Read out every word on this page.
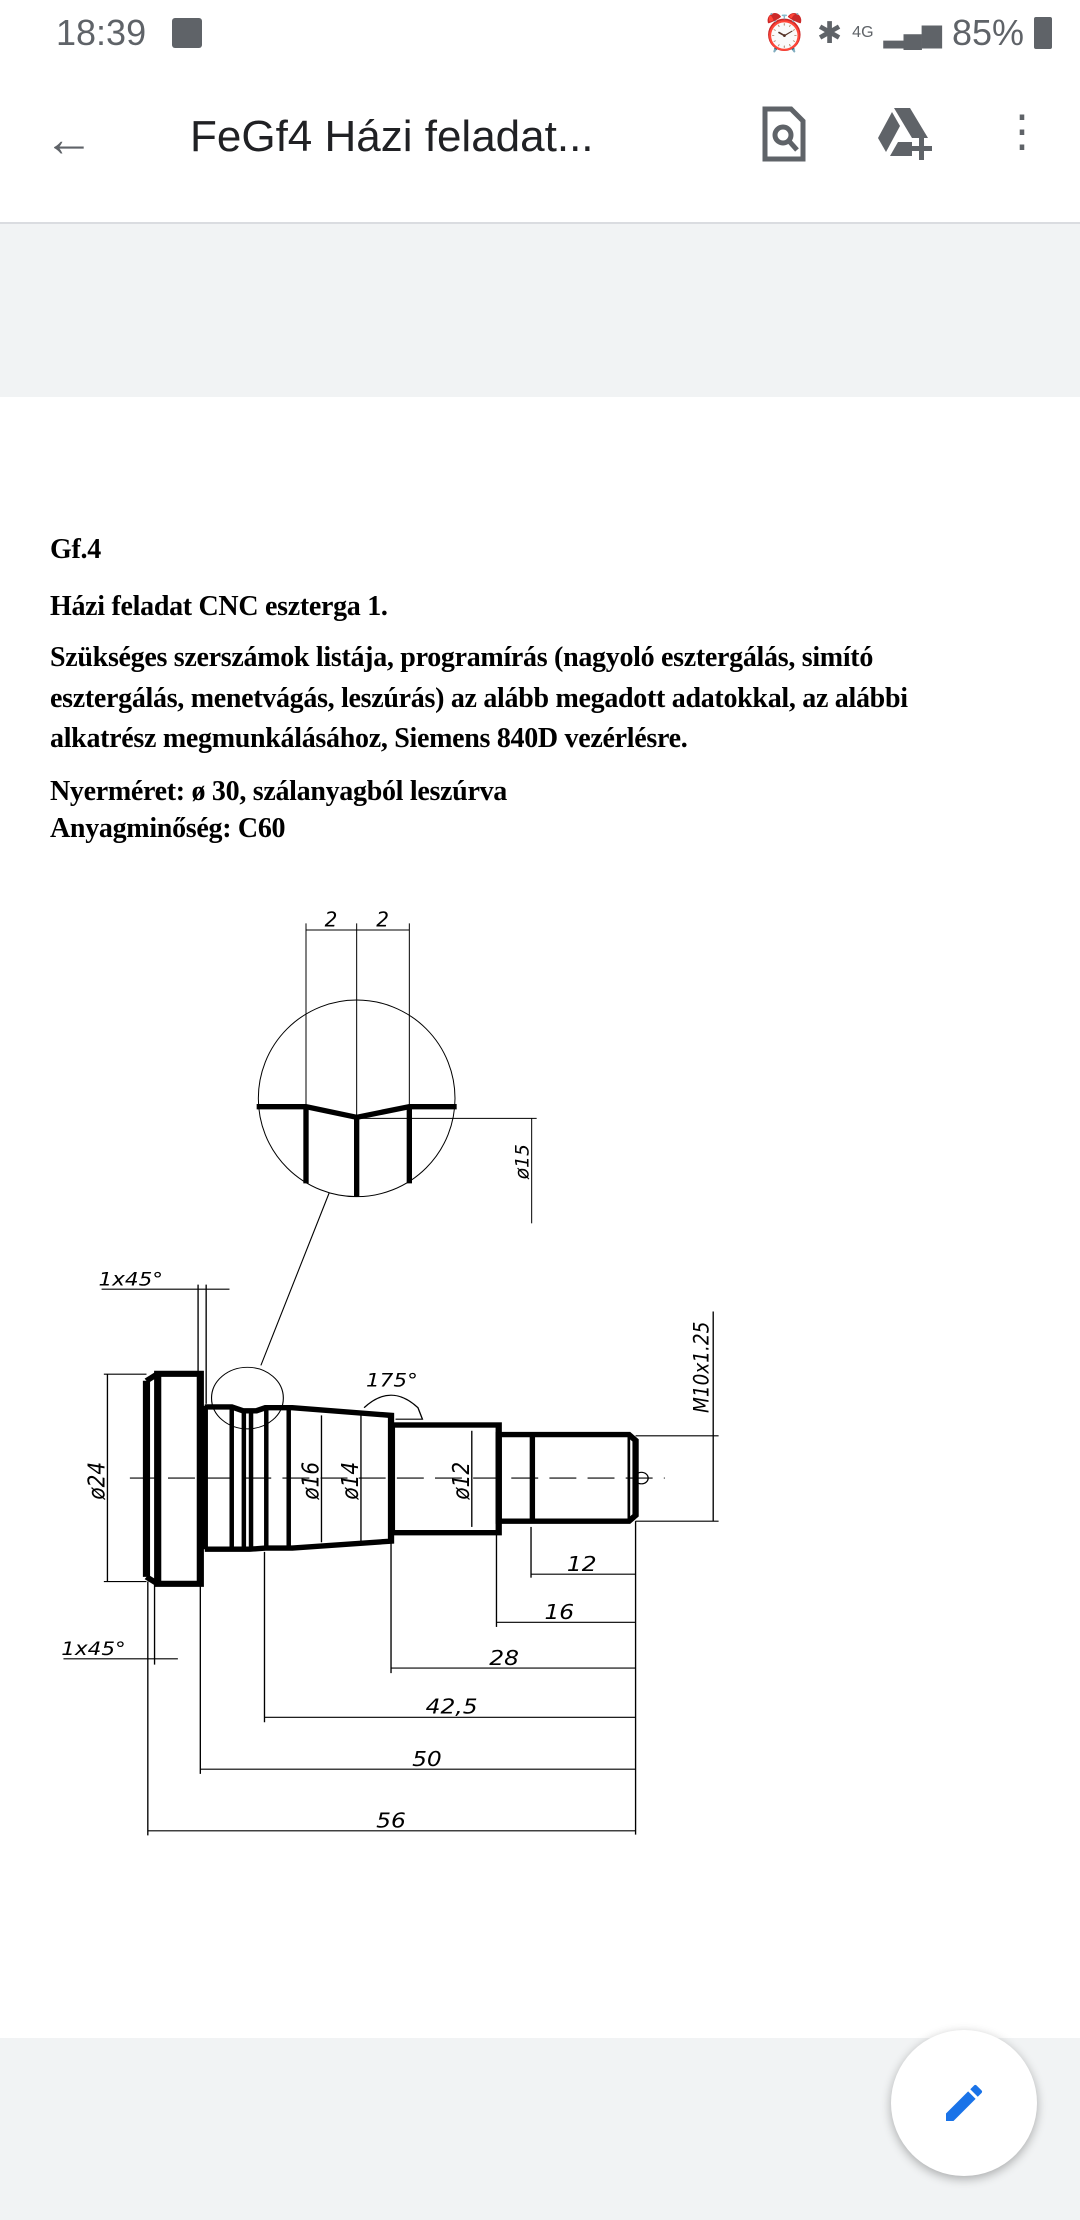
18:39	⏰ ✱ 4G ▂▄▆ 85%
← FeGf4 Házi feladat...	⋮
Gf.4
Házi feladat CNC eszterga 1.
Szükséges szerszámok listája, programírás (nagyoló esztergálás, simító
esztergálás, menetvágás, leszúrás) az alább megadott adatokkal, az alábbi
alkatrész megmunkálásához, Siemens 840D vezérlésre.
Nyerméret: ø 30, szálanyagból leszúrva
Anyagminőség: C60
2 2
ø15
1x45°
1x45°
175°
ø24	ø16 ø14 ø12
M10x1.25
12
16
28
42,5
50
56
